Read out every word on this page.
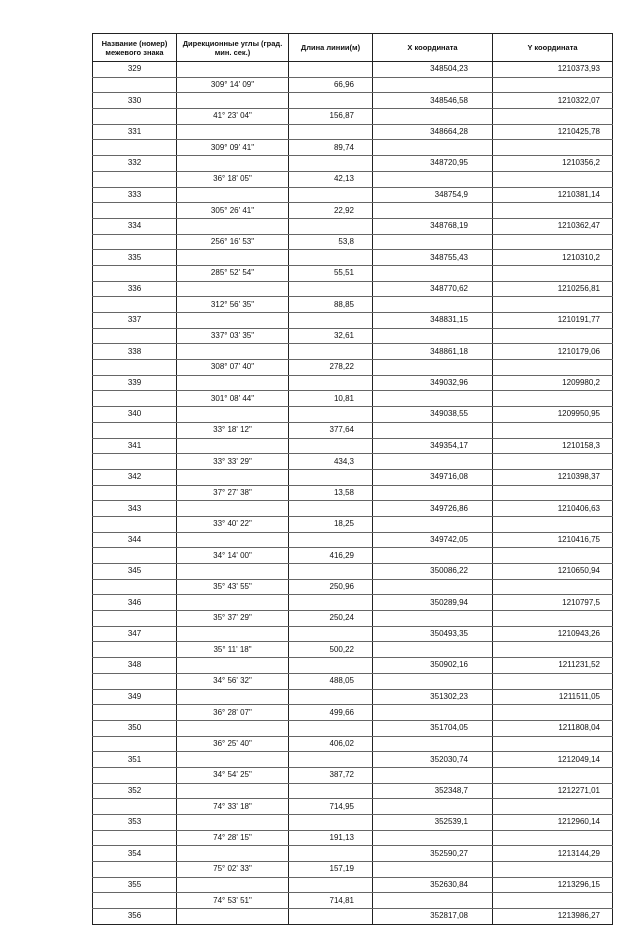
Название (номер) межевого знака	Дирекционные углы (град. мин. сек.)	Длина линии(м)	X координата	Y координата
329			348504,23	1210373,93
	309° 14' 09"	66,96		
330			348546,58	1210322,07
	41° 23' 04"	156,87		
331			348664,28	1210425,78
	309° 09' 41"	89,74		
332			348720,95	1210356,2
	36° 18' 05"	42,13		
333			348754,9	1210381,14
	305° 26' 41"	22,92		
334			348768,19	1210362,47
	256° 16' 53"	53,8		
335			348755,43	1210310,2
	285° 52' 54"	55,51		
336			348770,62	1210256,81
	312° 56' 35"	88,85		
337			348831,15	1210191,77
	337° 03' 35"	32,61		
338			348861,18	1210179,06
	308° 07' 40"	278,22		
339			349032,96	1209980,2
	301° 08' 44"	10,81		
340			349038,55	1209950,95
	33° 18' 12"	377,64		
341			349354,17	1210158,3
	33° 33' 29"	434,3		
342			349716,08	1210398,37
	37° 27' 38"	13,58		
343			349726,86	1210406,63
	33° 40' 22"	18,25		
344			349742,05	1210416,75
	34° 14' 00"	416,29		
345			350086,22	1210650,94
	35° 43' 55"	250,96		
346			350289,94	1210797,5
	35° 37' 29"	250,24		
347			350493,35	1210943,26
	35° 11' 18"	500,22		
348			350902,16	1211231,52
	34° 56' 32"	488,05		
349			351302,23	1211511,05
	36° 28' 07"	499,66		
350			351704,05	1211808,04
	36° 25' 40"	406,02		
351			352030,74	1212049,14
	34° 54' 25"	387,72		
352			352348,7	1212271,01
	74° 33' 18"	714,95		
353			352539,1	1212960,14
	74° 28' 15"	191,13		
354			352590,27	1213144,29
	75° 02' 33"	157,19		
355			352630,84	1213296,15
	74° 53' 51"	714,81		
356			352817,08	1213986,27
